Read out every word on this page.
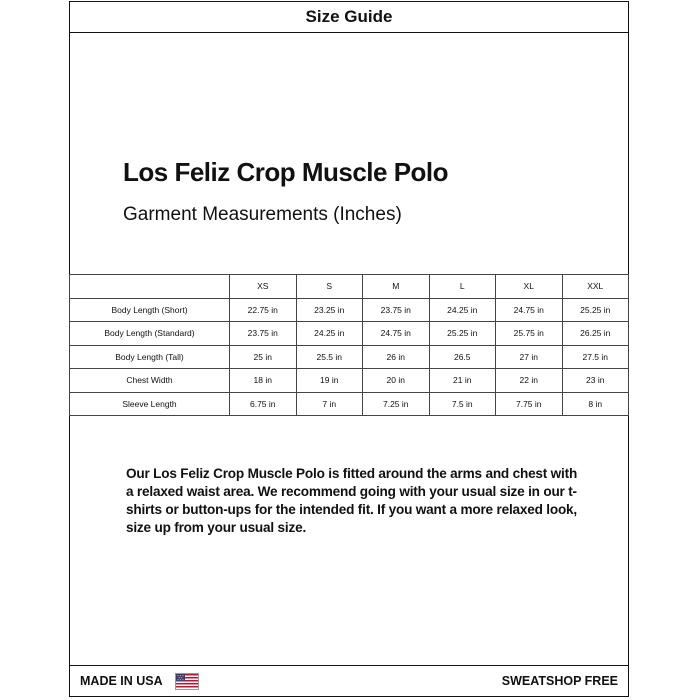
Size Guide
MADE IN USA	SWEATSHOP FREE
Los Feliz Crop Muscle Polo
Garment Measurements (Inches)
	XS	S	M	L	XL	XXL
Body Length (Short)	22.75 in	23.25 in	23.75 in	24.25 in	24.75 in	25.25 in
Body Length (Standard)	23.75 in	24.25 in	24.75 in	25.25 in	25.75 in	26.25 in
Body Length (Tall)	25 in	25.5 in	26 in	26.5	27 in	27.5 in
Chest Width	18 in	19 in	20 in	21 in	22 in	23 in
Sleeve Length	6.75 in	7 in	7.25 in	7.5 in	7.75 in	8 in
Our Los Feliz Crop Muscle Polo is fitted around the arms and chest with a relaxed waist area. We recommend going with your usual size in our t-shirts or button-ups for the intended fit. If you want a more relaxed look, size up from your usual size.
